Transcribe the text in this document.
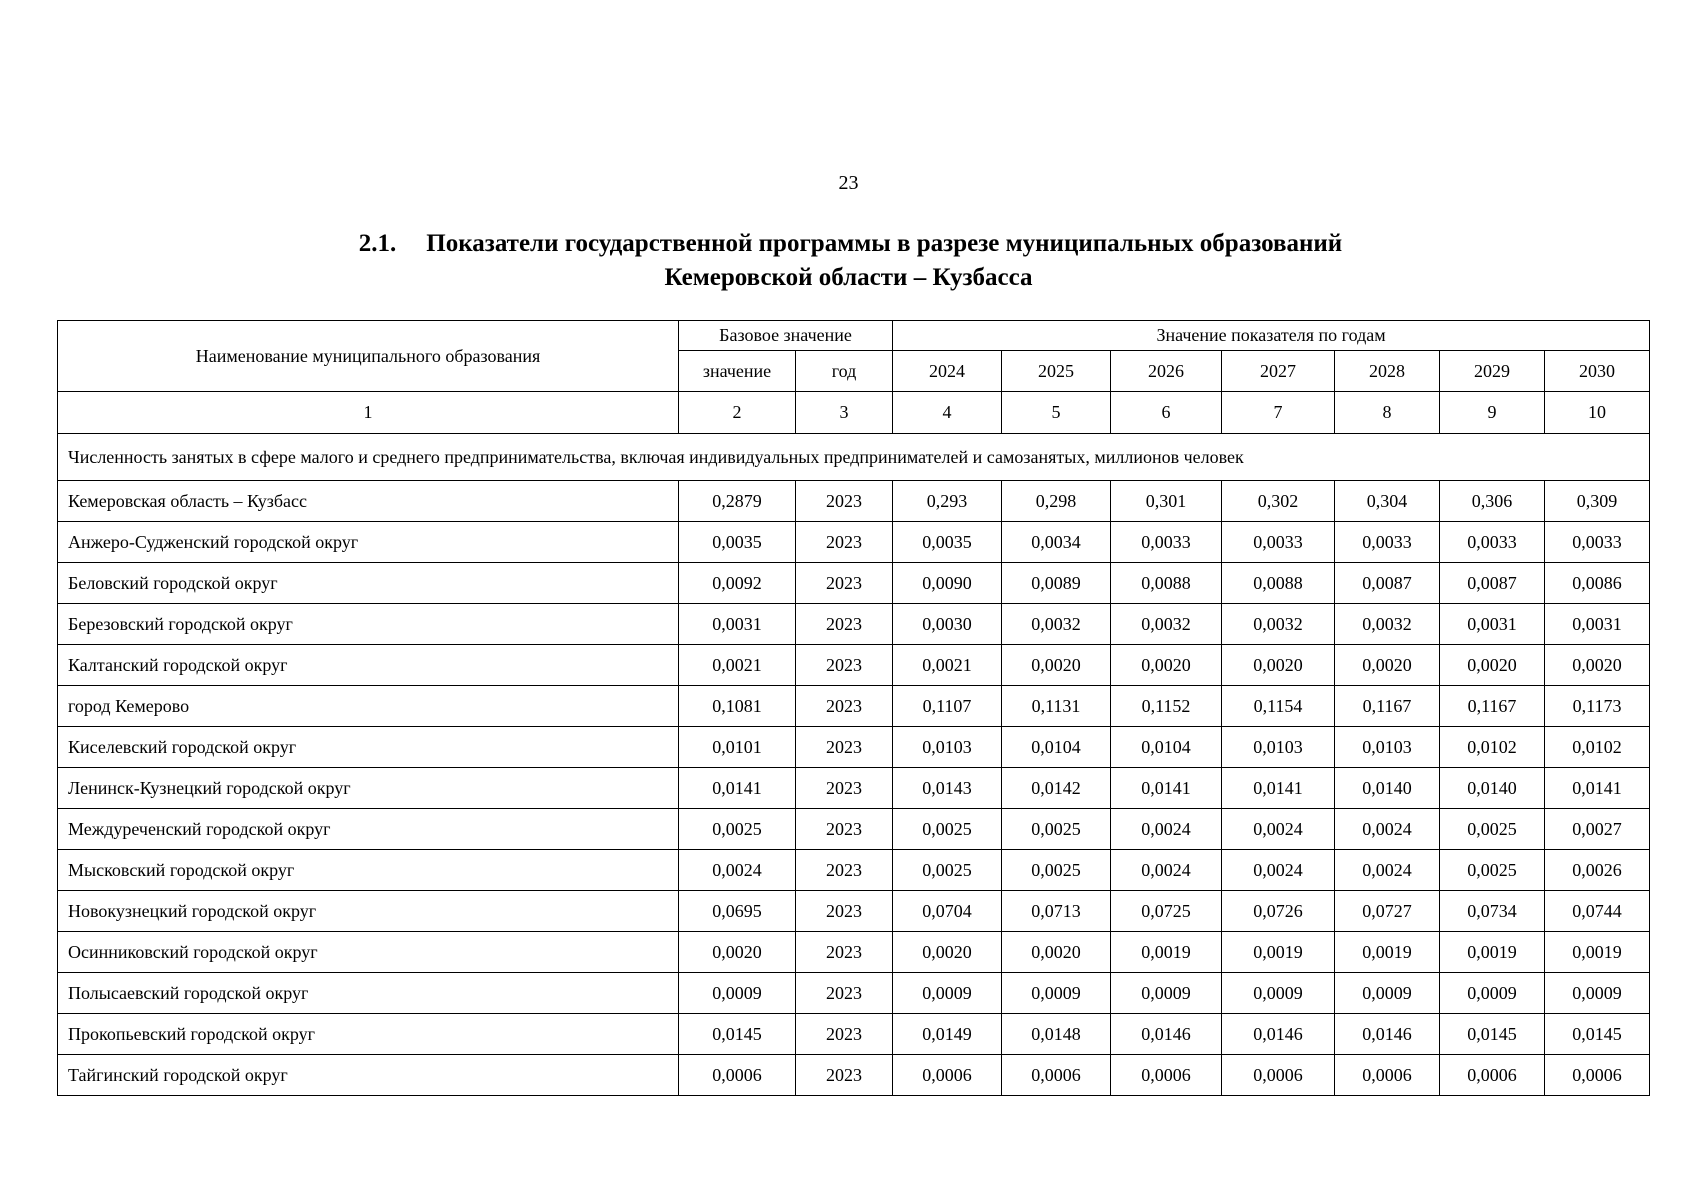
23
2.1. Показатели государственной программы в разрезе муниципальных образований
Кемеровской области – Кузбасса
Наименование муниципального образования	Базовое значение		Значение показателя по годам						
	значение	год	2024	2025	2026	2027	2028	2029	2030
1	2	3	4	5	6	7	8	9	10
Численность занятых в сфере малого и среднего предпринимательства, включая индивидуальных предпринимателей и самозанятых, миллионов человек									
Кемеровская область – Кузбасс	0,2879	2023	0,293	0,298	0,301	0,302	0,304	0,306	0,309
Анжеро-Судженский городской округ	0,0035	2023	0,0035	0,0034	0,0033	0,0033	0,0033	0,0033	0,0033
Беловский городской округ	0,0092	2023	0,0090	0,0089	0,0088	0,0088	0,0087	0,0087	0,0086
Березовский городской округ	0,0031	2023	0,0030	0,0032	0,0032	0,0032	0,0032	0,0031	0,0031
Калтанский городской округ	0,0021	2023	0,0021	0,0020	0,0020	0,0020	0,0020	0,0020	0,0020
город Кемерово	0,1081	2023	0,1107	0,1131	0,1152	0,1154	0,1167	0,1167	0,1173
Киселевский городской округ	0,0101	2023	0,0103	0,0104	0,0104	0,0103	0,0103	0,0102	0,0102
Ленинск-Кузнецкий городской округ	0,0141	2023	0,0143	0,0142	0,0141	0,0141	0,0140	0,0140	0,0141
Междуреченский городской округ	0,0025	2023	0,0025	0,0025	0,0024	0,0024	0,0024	0,0025	0,0027
Мысковский городской округ	0,0024	2023	0,0025	0,0025	0,0024	0,0024	0,0024	0,0025	0,0026
Новокузнецкий городской округ	0,0695	2023	0,0704	0,0713	0,0725	0,0726	0,0727	0,0734	0,0744
Осинниковский городской округ	0,0020	2023	0,0020	0,0020	0,0019	0,0019	0,0019	0,0019	0,0019
Полысаевский городской округ	0,0009	2023	0,0009	0,0009	0,0009	0,0009	0,0009	0,0009	0,0009
Прокопьевский городской округ	0,0145	2023	0,0149	0,0148	0,0146	0,0146	0,0146	0,0145	0,0145
Тайгинский городской округ	0,0006	2023	0,0006	0,0006	0,0006	0,0006	0,0006	0,0006	0,0006
